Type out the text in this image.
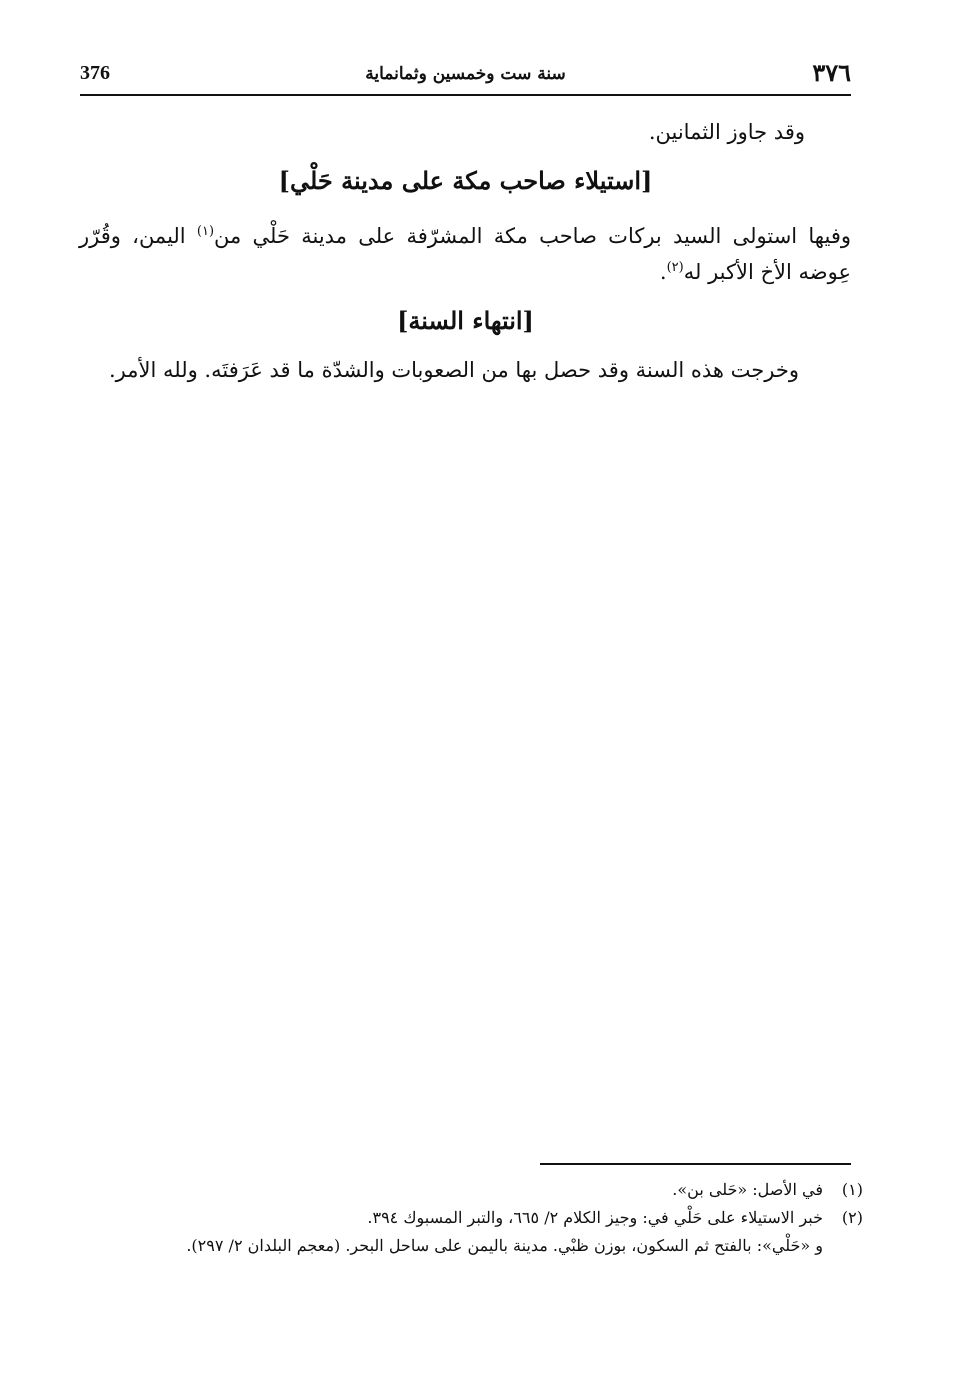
376	سنة ست وخمسين وثمانماية	٣٧٦
وقد جاوز الثمانين.
[استيلاء صاحب مكة على مدينة حَلْي]
وفيها استولى السيد بركات صاحب مكة المشرّفة على مدينة حَلْي من$^{(١)}$ اليمن، وقُرّر عِوضه الأخ الأكبر له$^{(٢)}$.
[انتهاء السنة]
وخرجت هذه السنة وقد حصل بها من الصعوبات والشدّة ما قد عَرَفتَه. ولله الأمر.
(١)
في الأصل: «حَلى بن».
(٢)
خبر الاستيلاء على حَلْي في: وجيز الكلام ٢/ ٦٦٥، والتبر المسبوك ٣٩٤.
و «حَلْي»: بالفتح ثم السكون، بوزن ظبْي. مدينة باليمن على ساحل البحر. (معجم البلدان ٢/ ٢٩٧).
